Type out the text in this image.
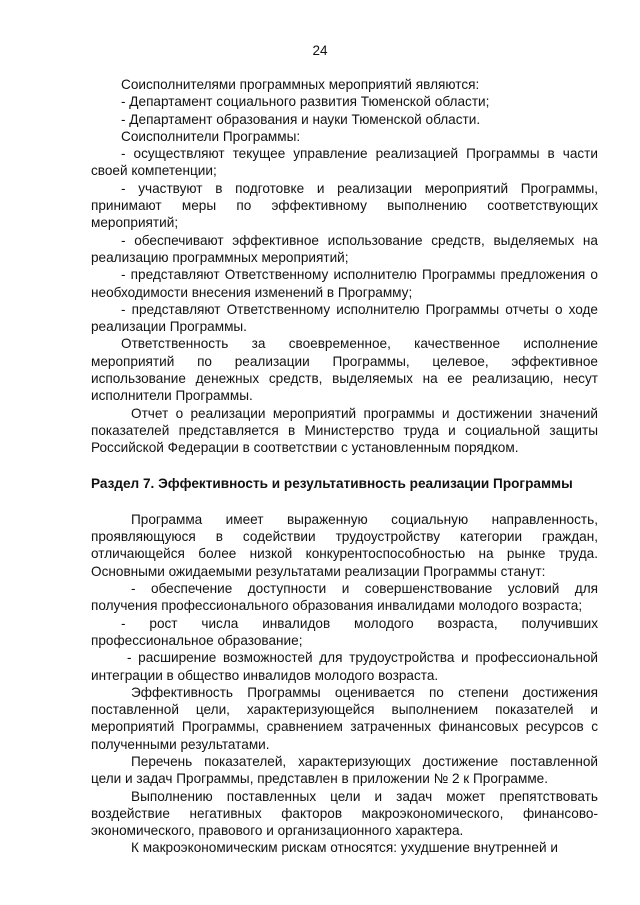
24

Соисполнителями программных мероприятий являются:

- Департамент социального развития Тюменской области;

- Департамент образования и науки Тюменской области.

Соисполнители Программы:

- осуществляют текущее управление реализацией Программы в части своей компетенции;

- участвуют в подготовке и реализации мероприятий Программы, принимают меры по эффективному выполнению соответствующих мероприятий;

- обеспечивают эффективное использование средств, выделяемых на реализацию программных мероприятий;

- представляют Ответственному исполнителю Программы предложения о необходимости внесения изменений в Программу;

- представляют Ответственному исполнителю Программы отчеты о ходе реализации Программы.

Ответственность за своевременное, качественное исполнение мероприятий по реализации Программы, целевое, эффективное использование денежных средств, выделяемых на ее реализацию, несут исполнители Программы.

Отчет о реализации мероприятий программы и достижении значений показателей представляется в Министерство труда и социальной защиты Российской Федерации в соответствии с установленным порядком.

Раздел 7. Эффективность и результативность реализации Программы

Программа имеет выраженную социальную направленность, проявляющуюся в содействии трудоустройству категории граждан, отличающейся более низкой конкурентоспособностью на рынке труда. Основными ожидаемыми результатами реализации Программы станут:

- обеспечение доступности и совершенствование условий для получения профессионального образования инвалидами молодого возраста;

- рост числа инвалидов молодого возраста, получивших профессиональное образование;

- расширение возможностей для трудоустройства и профессиональной интеграции в общество инвалидов молодого возраста.

Эффективность Программы оценивается по степени достижения поставленной цели, характеризующейся выполнением показателей и мероприятий Программы, сравнением затраченных финансовых ресурсов с полученными результатами.

Перечень показателей, характеризующих достижение поставленной цели и задач Программы, представлен в приложении № 2 к Программе.

Выполнению поставленных цели и задач может препятствовать воздействие негативных факторов макроэкономического, финансово-экономического, правового и организационного характера.

К макроэкономическим рискам относятся: ухудшение внутренней и
